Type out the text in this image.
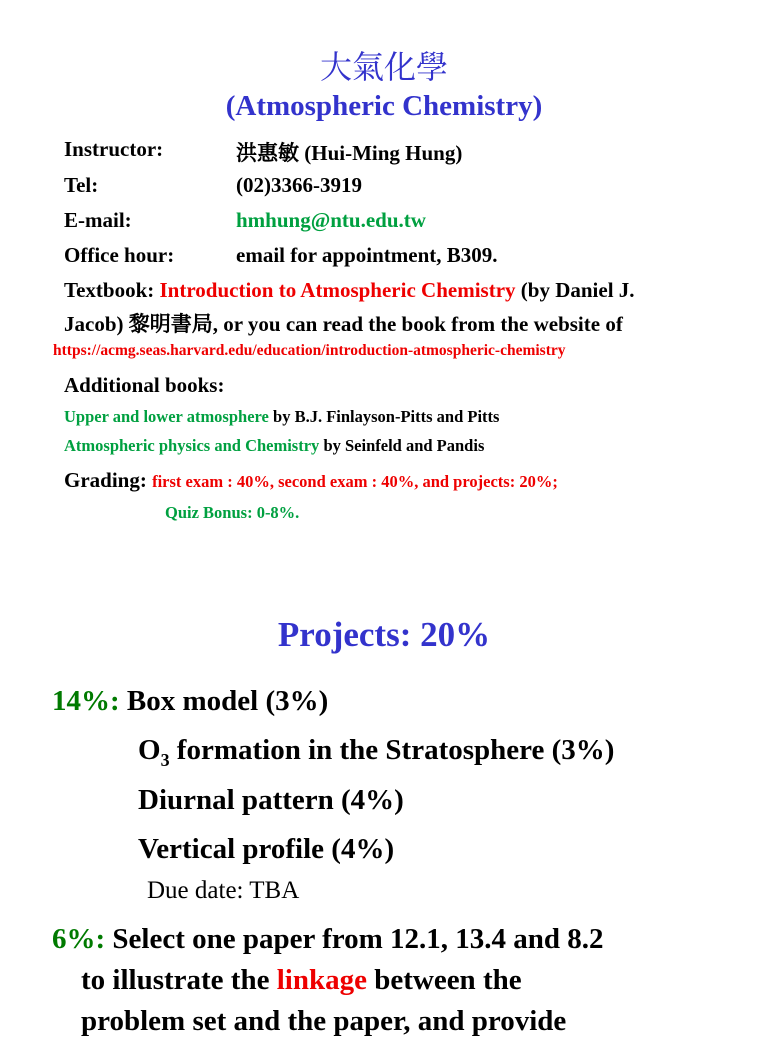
大氣化學
(Atmospheric Chemistry)
Instructor:	洪惠敏 (Hui-Ming Hung)
Tel:	(02)3366-3919
E-mail:	hmhung@ntu.edu.tw
Office hour:	email for appointment, B309.
Textbook: Introduction to Atmospheric Chemistry (by Daniel J.
Jacob) 黎明書局, or you can read the book from the website of
https://acmg.seas.harvard.edu/education/introduction-atmospheric-chemistry
Additional books:
Upper and lower atmosphere by B.J. Finlayson-Pitts and Pitts
Atmospheric physics and Chemistry by Seinfeld and Pandis
Grading: first exam : 40%, second exam : 40%, and projects: 20%;
Quiz Bonus: 0-8%.
Projects: 20%
14%: Box model (3%)
$O_3$ formation in the Stratosphere (3%)
Diurnal pattern (4%)
Vertical profile (4%)
Due date: TBA
6%: Select one paper from 12.1, 13.4 and 8.2
to illustrate the linkage between the
problem set and the paper, and provide
